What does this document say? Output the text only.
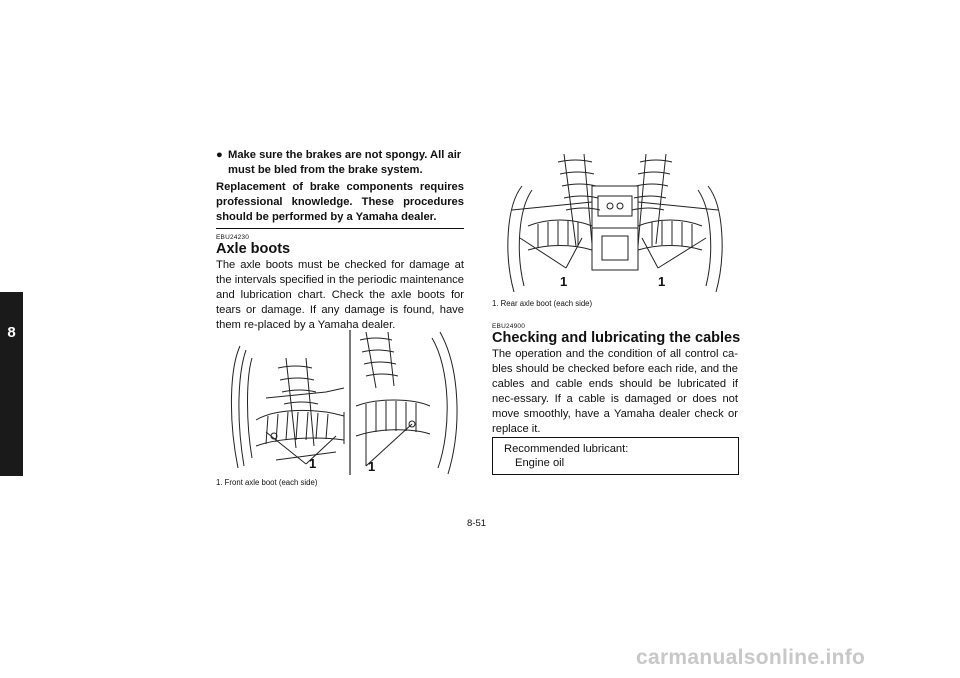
8
● Make sure the brakes are not spongy. All air must be bled from the brake system.
Replacement of brake components requires professional knowledge. These procedures should be performed by a Yamaha dealer.
EBU24230
Axle boots
The axle boots must be checked for damage at the intervals specified in the periodic maintenance and lubrication chart. Check the axle boots for tears or damage. If any damage is found, have them re-placed by a Yamaha dealer.
1	1
1. Front axle boot (each side)
1	1
1. Rear axle boot (each side)
EBU24900
Checking and lubricating the cables
The operation and the condition of all control ca-bles should be checked before each ride, and the cables and cable ends should be lubricated if nec-essary. If a cable is damaged or does not move smoothly, have a Yamaha dealer check or replace it.
Recommended lubricant:
Engine oil
8-51
carmanualsonline.info
